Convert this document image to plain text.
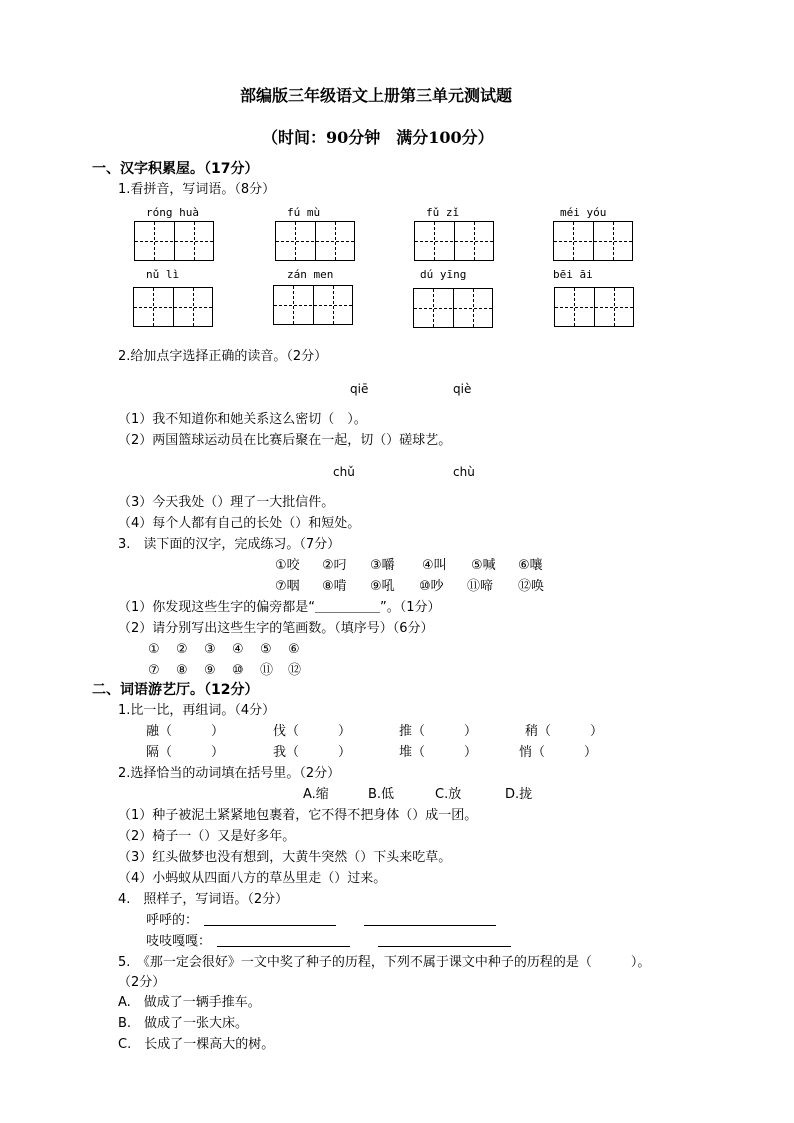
部编版三年级语文上册第三单元测试题
（时间：90分钟　满分100分）
一、汉字积累屋。（17分）
1.看拼音，写词语。（8分）
róng huà	fú mù	fǔ zǐ	méi yóu
nǔ lì	zán men	dú yīng	bēi āi
2.给加点字选择正确的读音。（2分）
qiē	qiè
（1）我不知道你和她关系这么密切（　）。
（2）两国篮球运动员在比赛后聚在一起，切（）磋球艺。
chǔ	chù
（3）今天我处（）理了一大批信件。
（4）每个人都有自己的长处（）和短处。
3.　读下面的汉字，完成练习。（7分）
①咬 ②叼 ③嚼 ④叫 ⑤喊 ⑥嚷
⑦咽 ⑧啃 ⑨吼 ⑩吵 ⑪啼 ⑫唤
（1）你发现这些生字的偏旁都是“＿＿＿＿＿”。（1分）
（2）请分别写出这些生字的笔画数。（填序号）（6分）
① ② ③ ④ ⑤ ⑥
⑦ ⑧ ⑨ ⑩ ⑪ ⑫
二、词语游艺厅。（12分）
1.比一比，再组词。（4分）
融（　　　）	伐（　　　）	推（　　　）	稍（　　　）
隔（　　　）	我（　　　）	堆（　　　）	悄（　　　）
2.选择恰当的动词填在括号里。（2分）
A.缩	B.低	C.放	D.拢
（1）种子被泥土紧紧地包裹着，它不得不把身体（）成一团。
（2）椅子一（）又是好多年。
（3）红头做梦也没有想到，大黄牛突然（）下头来吃草。
（4）小蚂蚁从四面八方的草丛里走（）过来。
4.　照样子，写词语。（2分）
呼呼的：
吱吱嘎嘎：
5.　《那一定会很好》一文中奖了种子的历程，下列不属于课文中种子的历程的是（　　　）。
（2分）
A.　做成了一辆手推车。
B.　做成了一张大床。
C.　长成了一棵高大的树。
